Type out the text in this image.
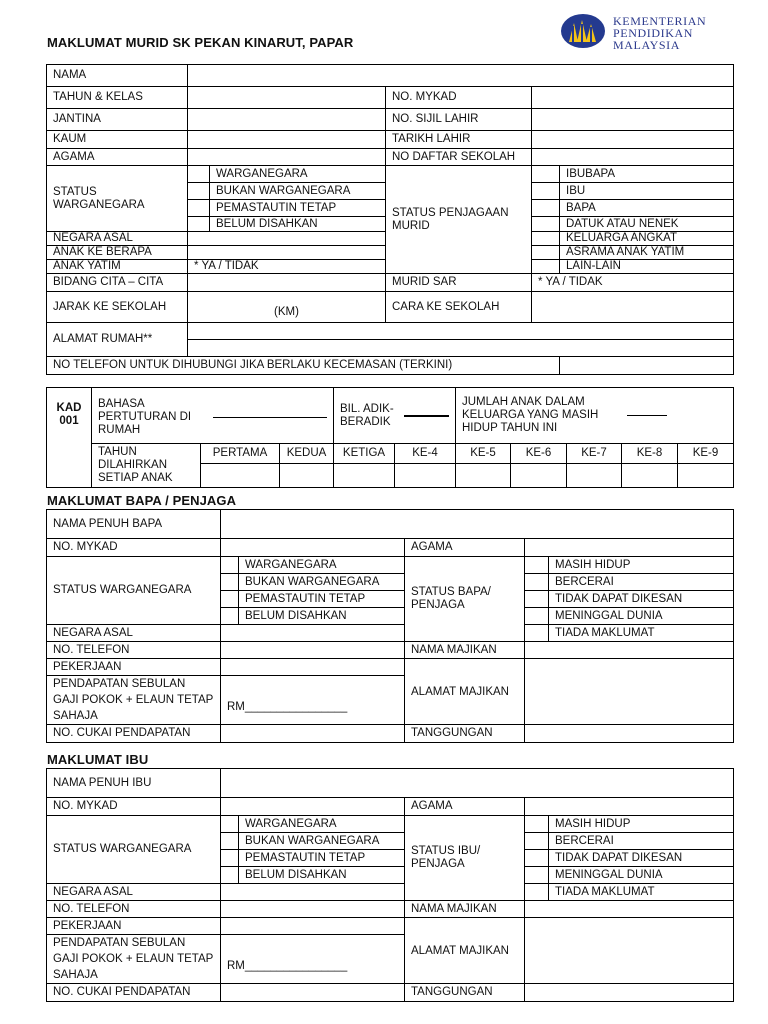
MAKLUMAT MURID SK PEKAN KINARUT, PAPAR
KEMENTERIAN
PENDIDIKAN
MALAYSIA
NAMA					
TAHUN & KELAS			NO. MYKAD		
JANTINA			NO. SIJIL LAHIR		
KAUM			TARIKH LAHIR		
AGAMA			NO DAFTAR SEKOLAH		
STATUS WARGANEGARA		WARGANEGARA	STATUS PENJAGAAN MURID		IBUBAPA
		BUKAN WARGANEGARA			IBU
		PEMASTAUTIN TETAP			BAPA
		BELUM DISAHKAN			DATUK ATAU NENEK
NEGARA ASAL					KELUARGA ANGKAT
ANAK KE BERAPA					ASRAMA ANAK YATIM
ANAK YATIM	* YA / TIDAK				LAIN-LAIN
BIDANG CITA – CITA			MURID SAR	* YA / TIDAK	
JARAK KE SEKOLAH	(KM)		CARA KE SEKOLAH		
ALAMAT RUMAH**					

NO TELEFON UNTUK DIHUBUNGI JIKA BERLAKU KECEMASAN (TERKINI)					
KAD 001	BAHASA PERTUTURAN DI RUMAH		BIL. ADIK-BERADIK		JUMLAH ANAK DALAM KELUARGA YANG MASIH HIDUP TAHUN INI				

	TAHUN DILAHIRKAN SETIAP ANAK	PERTAMA KEDUA	KETIGA	KE-4	KE-5	KE-6	KE-7	KE-8	KE-9
MAKLUMAT BAPA / PENJAGA
NAMA PENUH BAPA					
NO. MYKAD			AGAMA		
STATUS WARGANEGARA		WARGANEGARA	STATUS BAPA/ PENJAGA		MASIH HIDUP
		BUKAN WARGANEGARA			BERCERAI
		PEMASTAUTIN TETAP			TIDAK DAPAT DIKESAN
		BELUM DISAHKAN			MENINGGAL DUNIA
NEGARA ASAL					TIADA MAKLUMAT
NO. TELEFON			NAMA MAJIKAN		
PEKERJAAN			ALAMAT MAJIKAN		
PENDAPATAN SEBULAN GAJI POKOK + ELAUN TETAP SAHAJA	RM________________				
NO. CUKAI PENDAPATAN			TANGGUNGAN		
MAKLUMAT IBU
NAMA PENUH IBU					
NO. MYKAD			AGAMA		
STATUS WARGANEGARA		WARGANEGARA	STATUS IBU/ PENJAGA		MASIH HIDUP
		BUKAN WARGANEGARA			BERCERAI
		PEMASTAUTIN TETAP			TIDAK DAPAT DIKESAN
		BELUM DISAHKAN			MENINGGAL DUNIA
NEGARA ASAL					TIADA MAKLUMAT
NO. TELEFON			NAMA MAJIKAN		
PEKERJAAN			ALAMAT MAJIKAN		
PENDAPATAN SEBULAN GAJI POKOK + ELAUN TETAP SAHAJA	RM________________				
NO. CUKAI PENDAPATAN			TANGGUNGAN		
